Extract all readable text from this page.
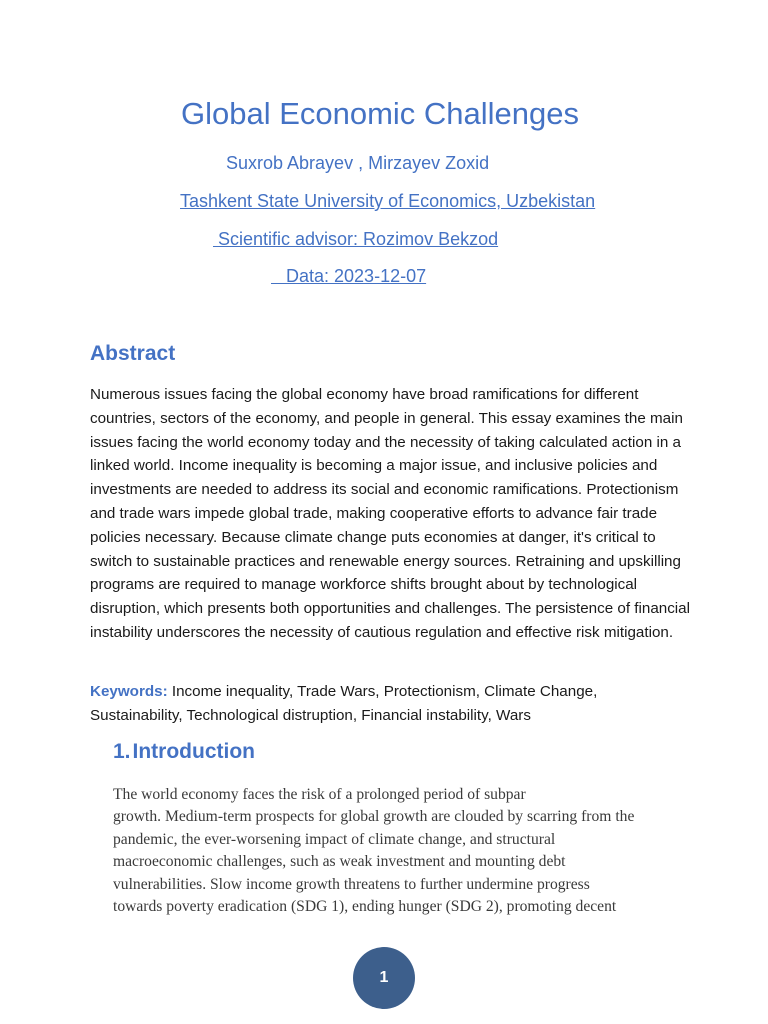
Global Economic Challenges
Suxrob Abrayev , Mirzayev Zoxid
Tashkent State University of Economics, Uzbekistan
Scientific advisor: Rozimov Bekzod
Data: 2023-12-07
Abstract

Numerous issues facing the global economy have broad ramifications for different countries, sectors of the economy, and people in general. This essay examines the main issues facing the world economy today and the necessity of taking calculated action in a linked world. Income inequality is becoming a major issue, and inclusive policies and investments are needed to address its social and economic ramifications. Protectionism and trade wars impede global trade, making cooperative efforts to advance fair trade policies necessary. Because climate change puts economies at danger, it's critical to switch to sustainable practices and renewable energy sources. Retraining and upskilling programs are required to manage workforce shifts brought about by technological disruption, which presents both opportunities and challenges. The persistence of financial instability underscores the necessity of cautious regulation and effective risk mitigation.

Keywords: Income inequality, Trade Wars, Protectionism, Climate Change, Sustainability, Technological distruption, Financial instability, Wars

1.Introduction
The world economy faces the risk of a prolonged period of subpar
growth. Medium-term prospects for global growth are clouded by scarring from the
pandemic, the ever-worsening impact of climate change, and structural
macroeconomic challenges, such as weak investment and mounting debt
vulnerabilities. Slow income growth threatens to further undermine progress
towards poverty eradication (SDG 1), ending hunger (SDG 2), promoting decent
1
